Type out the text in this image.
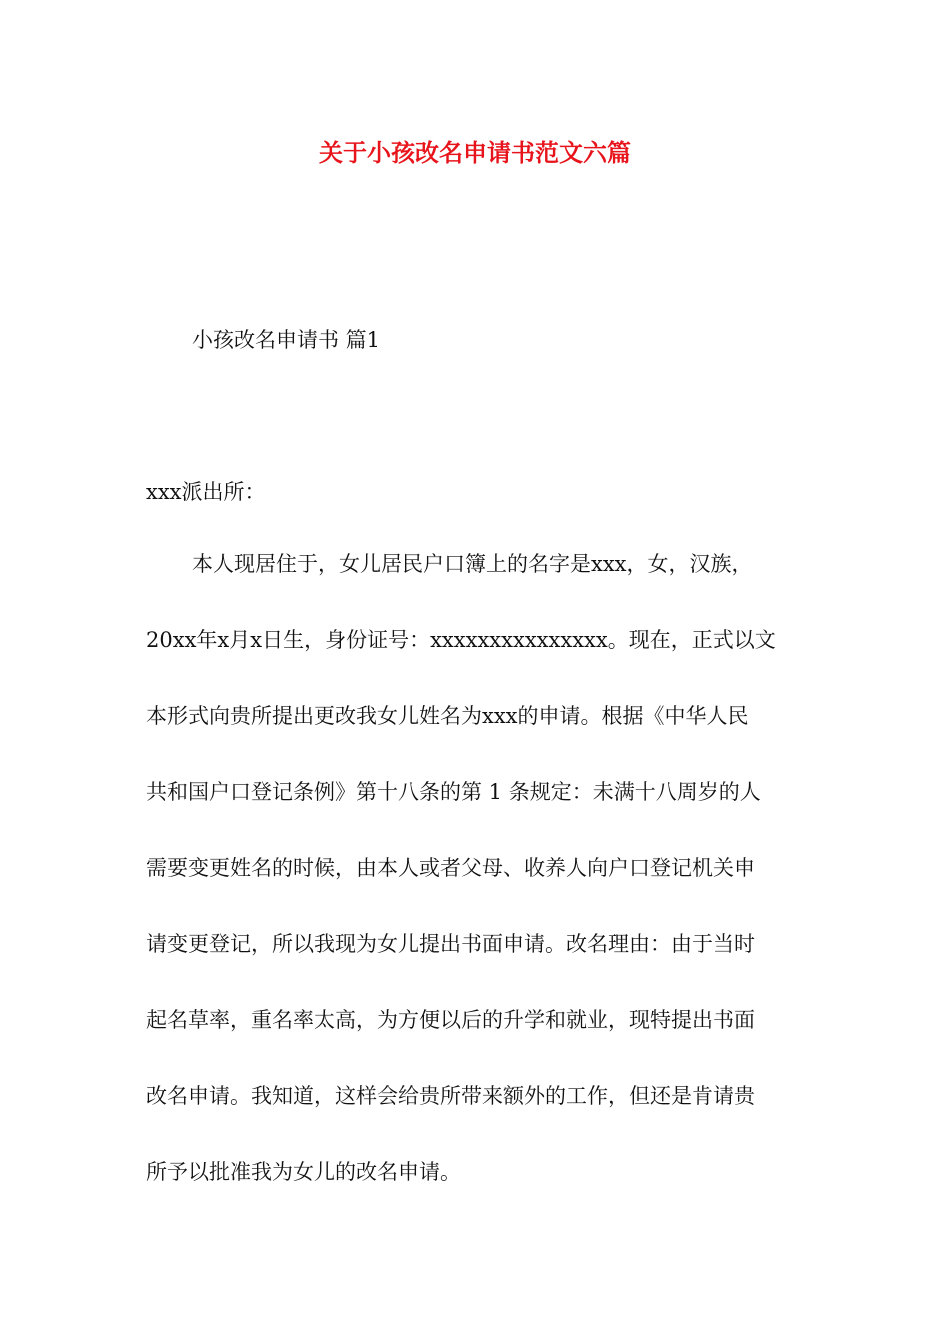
关于小孩改名申请书范文六篇

小孩改名申请书 篇1

xxx派出所：

本人现居住于，女儿居民户口簿上的名字是xxx，女，汉族，
20xx年x月x日生，身份证号：xxxxxxxxxxxxxxx。现在，正式以文
本形式向贵所提出更改我女儿姓名为xxx的申请。根据《中华人民
共和国户口登记条例》第十八条的第 1 条规定：未满十八周岁的人
需要变更姓名的时候，由本人或者父母、收养人向户口登记机关申
请变更登记，所以我现为女儿提出书面申请。改名理由：由于当时
起名草率，重名率太高，为方便以后的升学和就业，现特提出书面
改名申请。我知道，这样会给贵所带来额外的工作，但还是肯请贵
所予以批准我为女儿的改名申请。
